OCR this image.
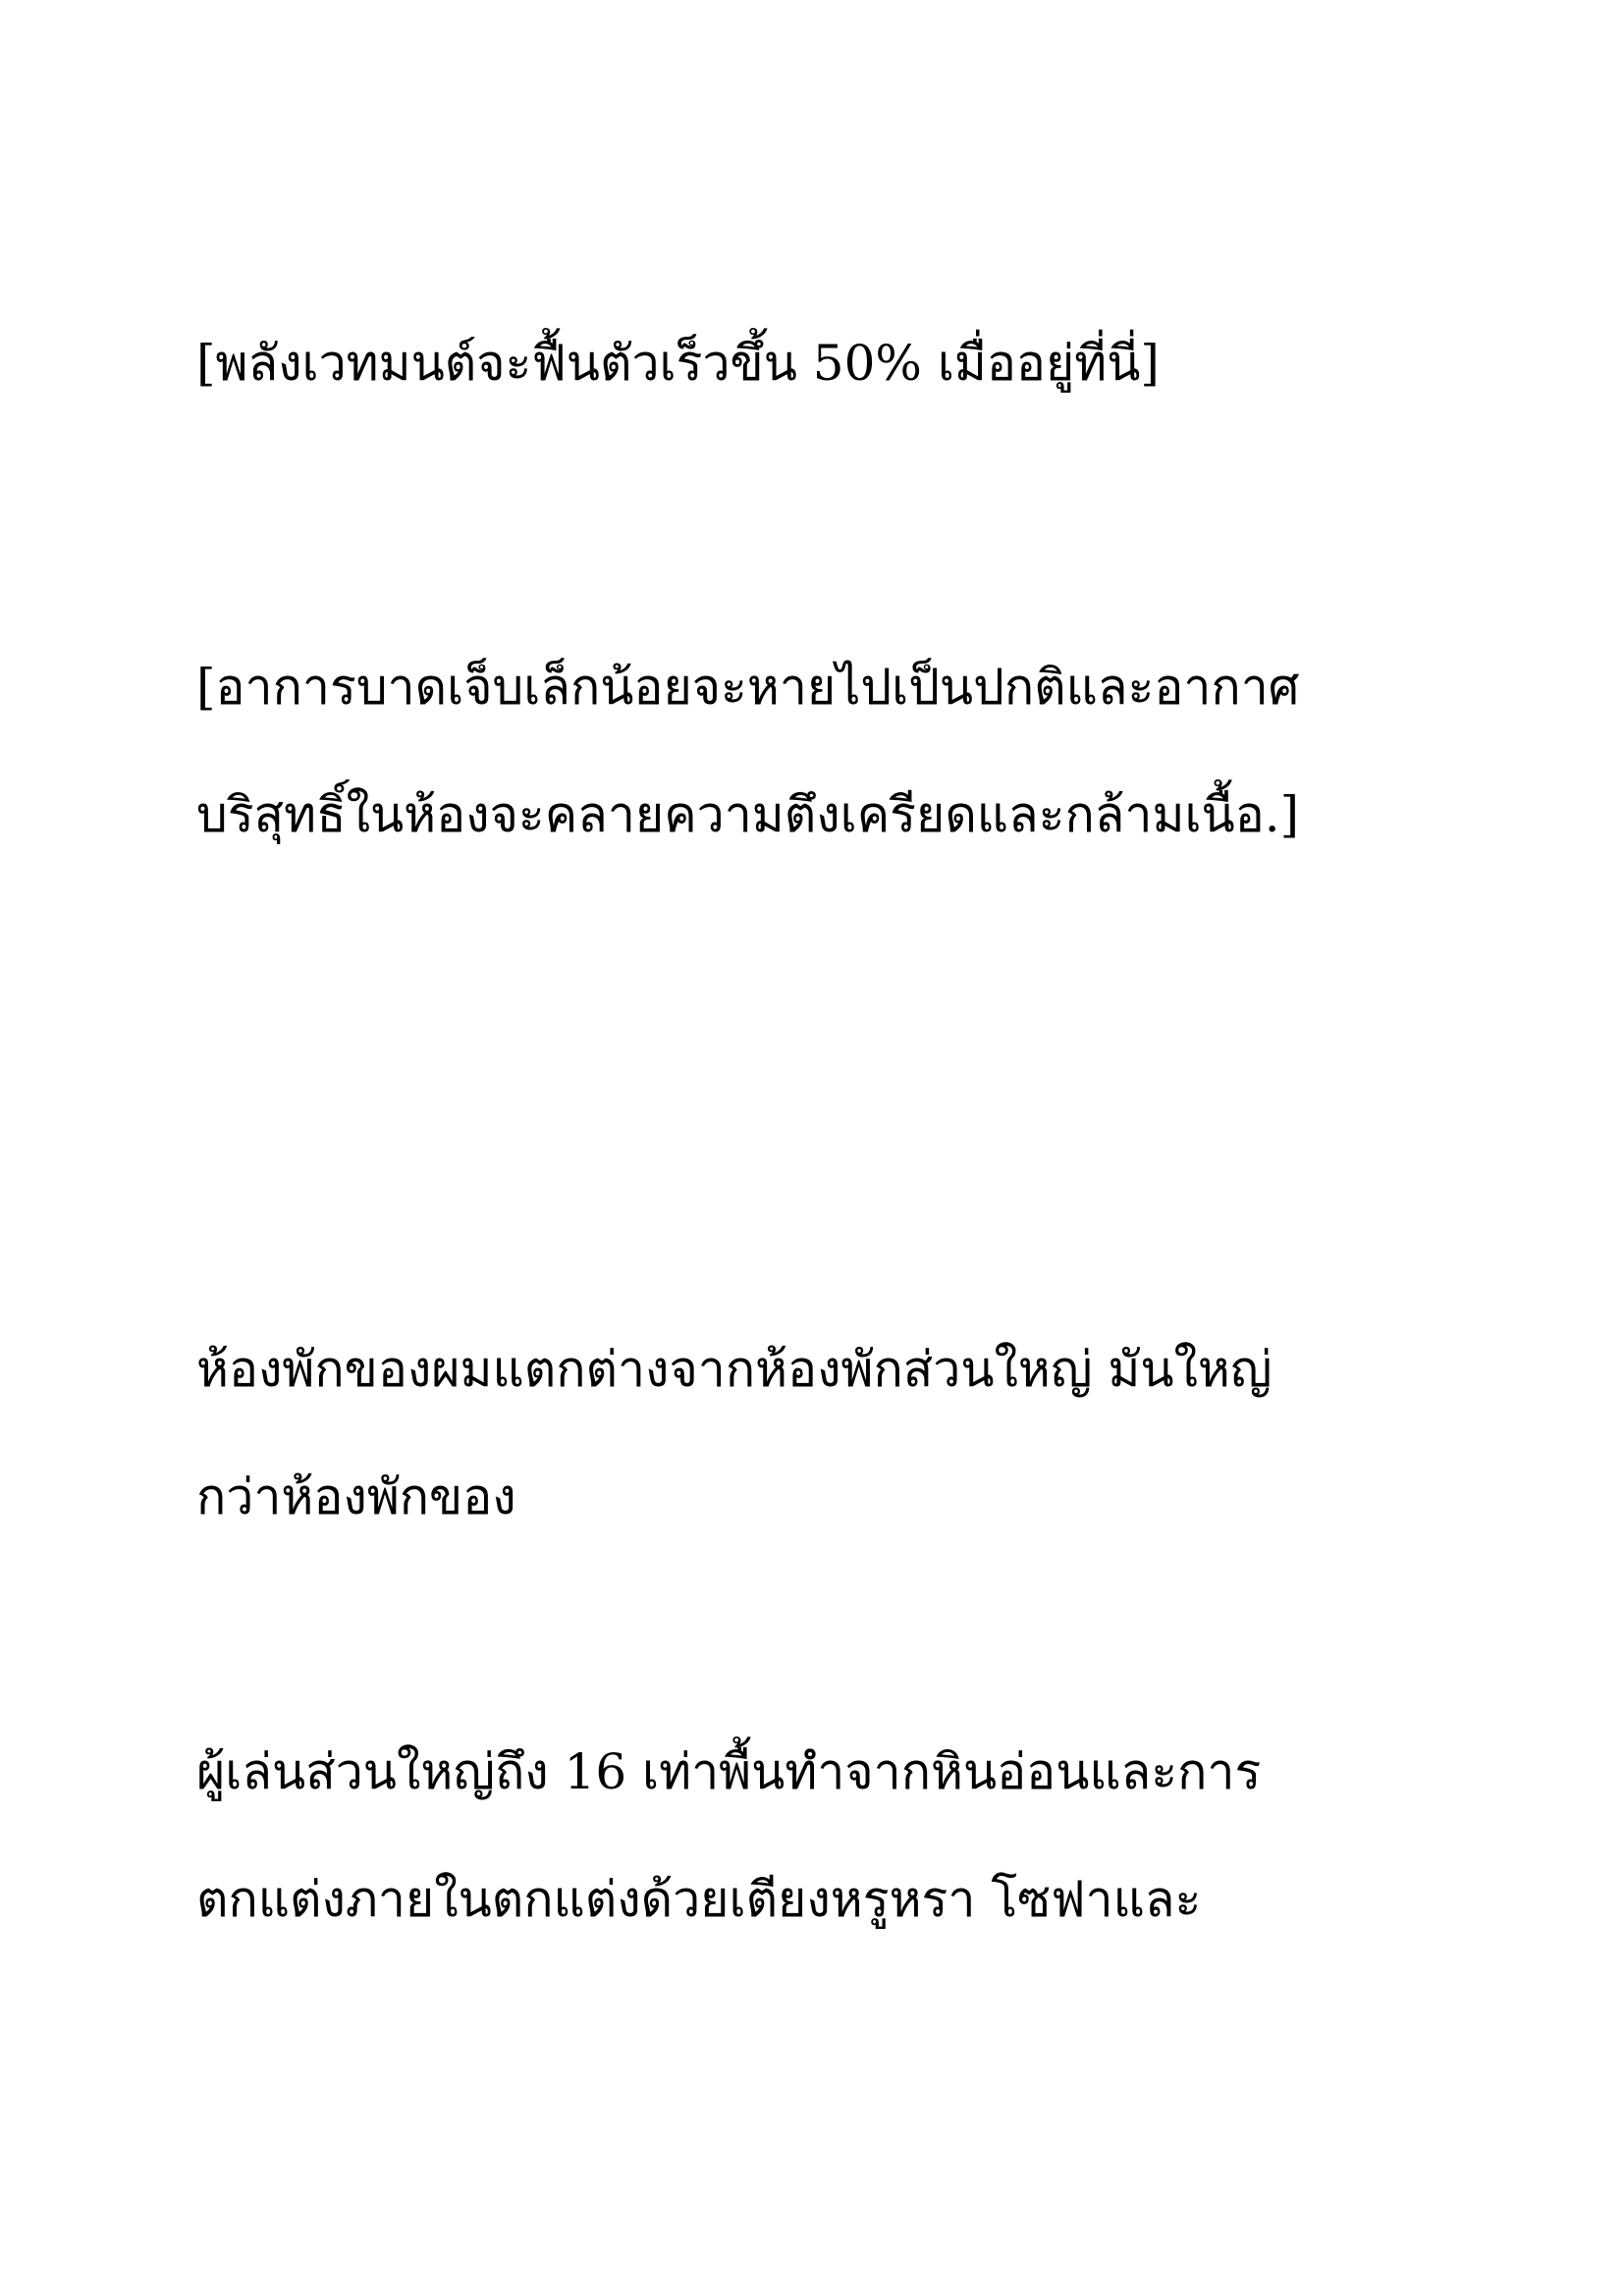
[พลังเวทมนต์จะฟื้นตัวเร็วขึ้น 50% เมื่ออยู่ที่นี่]
[อาการบาดเจ็บเล็กน้อยจะหายไปเป็นปกติและอากาศ
บริสุทธิ์ในห้องจะคลายความตึงเครียดและกล้ามเนื้อ.]
ห้องพักของผมแตกต่างจากห้องพักส่วนใหญ่ มันใหญ่
กว่าห้องพักของ
ผู้เล่นส่วนใหญ่ถึง 16 เท่าพื้นทำจากหินอ่อนและการ
ตกแต่งภายในตกแต่งด้วยเตียงหรูหรา โซฟาและ
